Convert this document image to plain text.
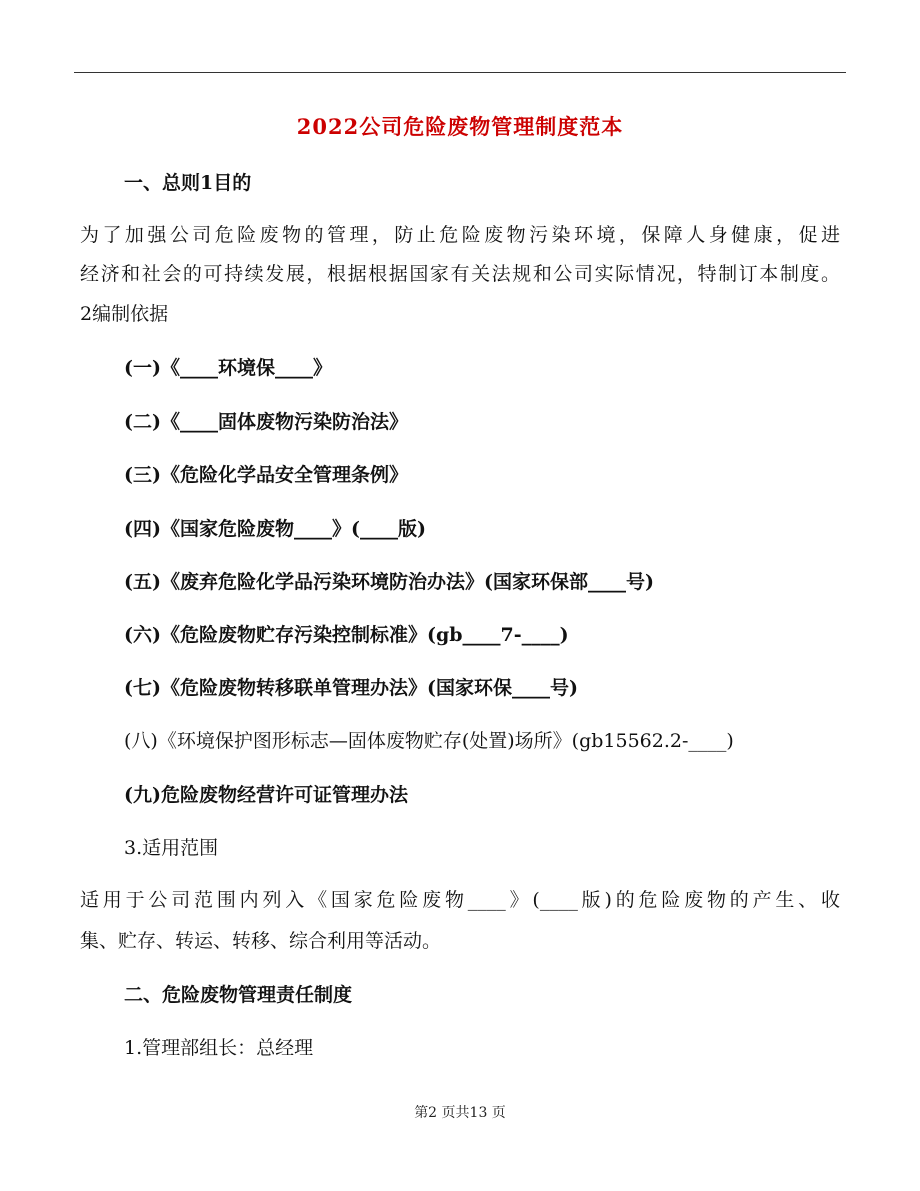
2022公司危险废物管理制度范本
一、总则1目的
为了加强公司危险废物的管理，防止危险废物污染环境，保障人身健康，促进
经济和社会的可持续发展，根据根据国家有关法规和公司实际情况，特制订本制度。
2编制依据
(一)《____环境保____》
(二)《____固体废物污染防治法》
(三)《危险化学品安全管理条例》
(四)《国家危险废物____》(____版)
(五)《废弃危险化学品污染环境防治办法》(国家环保部____号)
(六)《危险废物贮存污染控制标准》(gb____7-____)
(七)《危险废物转移联单管理办法》(国家环保____号)
(八)《环境保护图形标志—固体废物贮存(处置)场所》(gb15562.2-____)
(九)危险废物经营许可证管理办法
3.适用范围
适用于公司范围内列入《国家危险废物____》(____版)的危险废物的产生、收
集、贮存、转运、转移、综合利用等活动。
二、危险废物管理责任制度
1.管理部组长：总经理
第2 页共13 页
